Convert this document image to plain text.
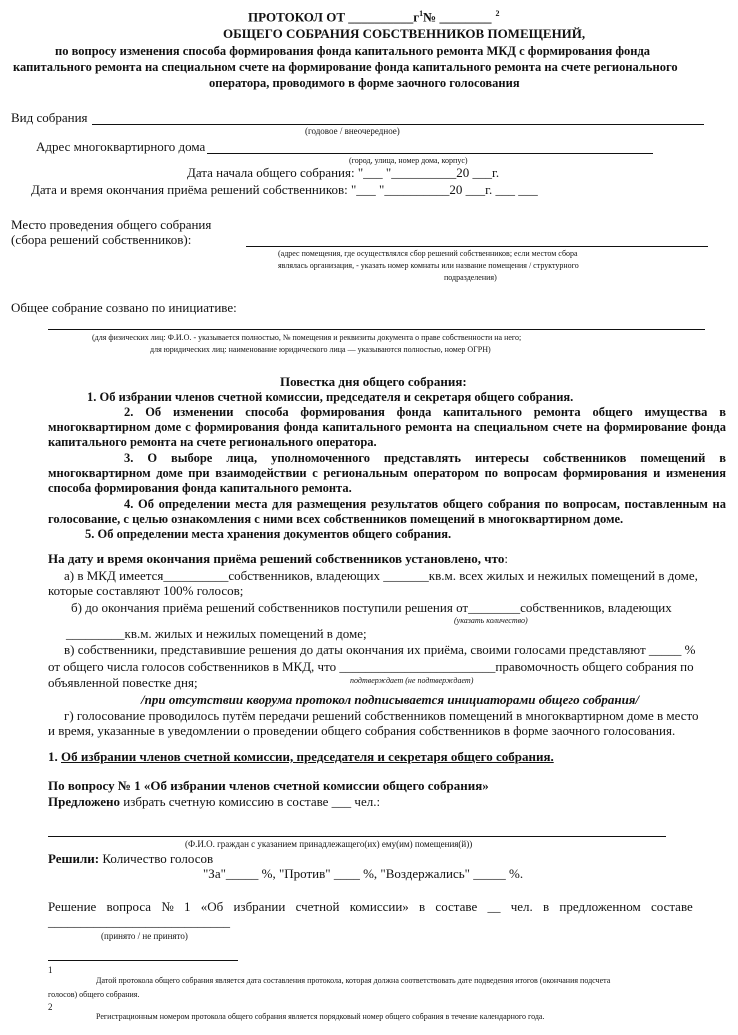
ПРОТОКОЛ ОТ $\_\_\_\_\_\_\_\_\_\_г^1№$ ________ $^2$
ОБЩЕГО СОБРАНИЯ СОБСТВЕННИКОВ ПОМЕЩЕНИЙ,
по вопросу изменения способа формирования фонда капитального ремонта МКД с формирования фонда
капитального ремонта на специальном счете на формирование фонда капитального ремонта на счете регионального
оператора, проводимого в форме заочного голосования
Вид собрания
(годовое / внеочередное)
Адрес многоквартирного дома
(город, улица, номер дома, корпус)
Дата начала общего собрания: "___ "__________20 ___г.
Дата и время окончания приёма решений собственников: "___ "__________20 ___г. ___ ___
Место проведения общего собрания
(сбора решений собственников):
(адрес помещения, где осуществлялся сбор решений собственников; если местом сбора
являлась организация, - указать номер комнаты или название помещения / структурного
подразделения)
Общее собрание созвано по инициативе:
(для физических лиц: Ф.И.О. - указывается полностью, № помещения и реквизиты документа о праве собственности на него;
для юридических лиц: наименование юридического лица — указываются полностью, номер ОГРН)
Повестка дня общего собрания:
1. Об избрании членов счетной комиссии, председателя и секретаря общего собрания.
2. Об изменении способа формирования фонда капитального ремонта общего имущества в многоквартирном доме с формирования фонда капитального ремонта на специальном счете на формирование фонда капитального ремонта на счете регионального оператора.
3. О выборе лица, уполномоченного представлять интересы собственников помещений в многоквартирном доме при взаимодействии с региональным оператором по вопросам формирования и изменения способа формирования фонда капитального ремонта.
4. Об определении места для размещения результатов общего собрания по вопросам, поставленным на голосование, с целью ознакомления с ними всех собственников помещений в многоквартирном доме.
5. Об определении места хранения документов общего собрания.
На дату и время окончания приёма решений собственников установлено, что:
а) в МКД имеется__________собственников, владеющих _______кв.м. всех жилых и нежилых помещений в доме,
которые составляют 100% голосов;
б) до окончания приёма решений собственников поступили решения от________собственников, владеющих
(указать количество)
_________кв.м. жилых и нежилых помещений в доме;
в) собственники, представившие решения до даты окончания их приёма, своими голосами представляют _____ %
от общего числа голосов собственников в МКД, что ________________________правомочность общего собрания по
объявленной повестке дня;	подтверждает (не подтверждает)
/при отсутствии кворума протокол подписывается инициаторами общего собрания/
г) голосование проводилось путём передачи решений собственников помещений в многоквартирном доме в место
и время, указанные в уведомлении о проведении общего собрания собственников в форме заочного голосования.
1. Об избрании членов счетной комиссии, председателя и секретаря общего собрания.
По вопросу № 1 «Об избрании членов счетной комиссии общего собрания»
Предложено избрать счетную комиссию в составе ___ чел.:
(Ф.И.О. граждан с указанием принадлежащего(их) ему(им) помещения(й))
Решили: Количество голосов
"За"_____ %, "Против" ____ %, "Воздержались" _____ %.
Решение вопроса № 1 «Об избрании счетной комиссии» в составе __ чел. в предложенном составе
____________________________
(принято / не принято)
1
Датой протокола общего собрания является дата составления протокола, которая должна соответствовать дате подведения итогов (окончания подсчета
голосов) общего собрания.
2
Регистрационным номером протокола общего собрания является порядковый номер общего собрания в течение календарного года.
